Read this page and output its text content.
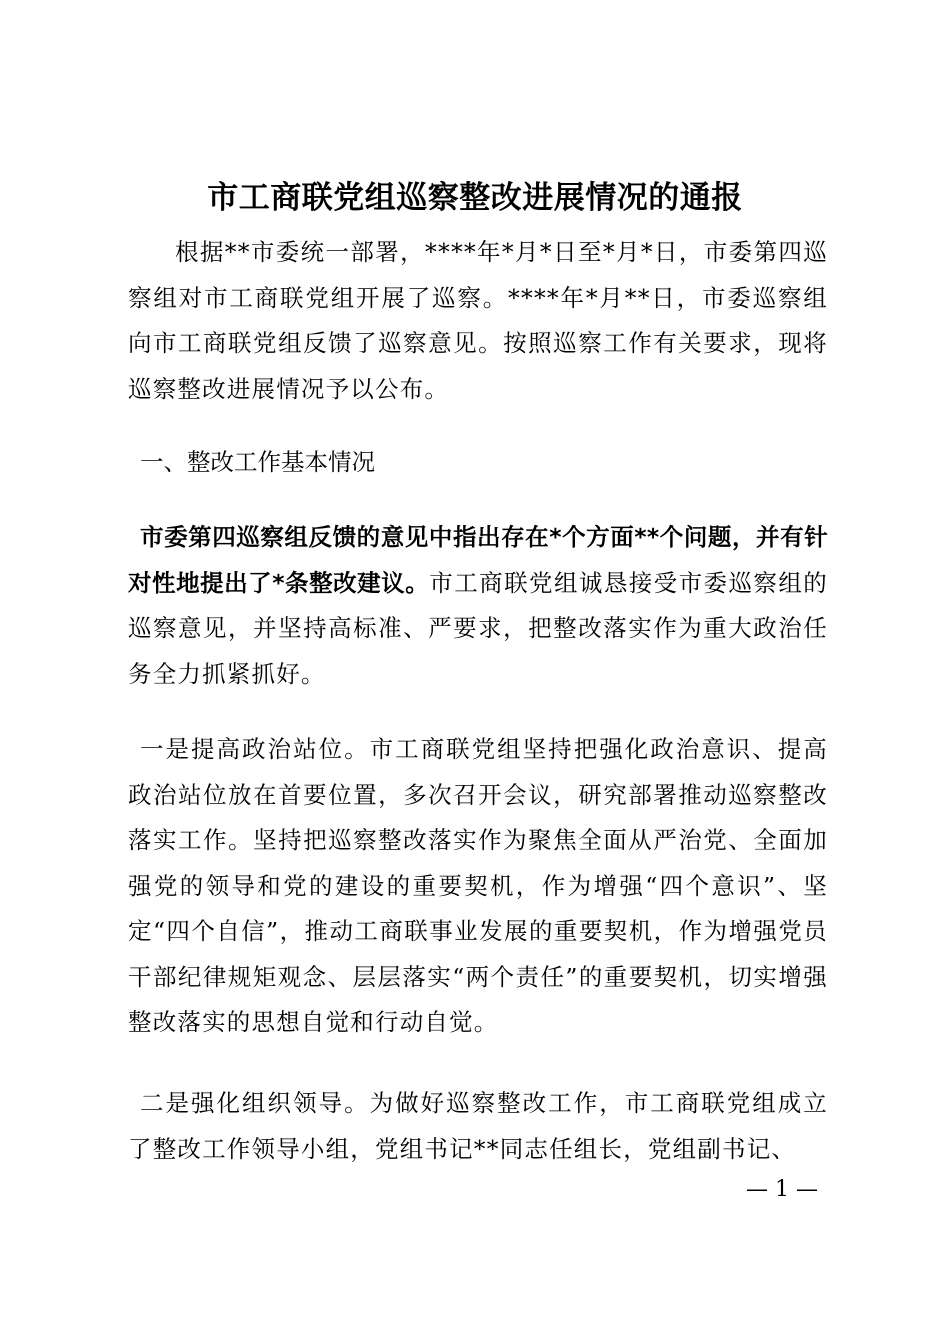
市工商联党组巡察整改进展情况的通报

根据**市委统一部署，****年*月*日至*月*日，市委第四巡察组对市工商联党组开展了巡察。****年*月**日，市委巡察组向市工商联党组反馈了巡察意见。按照巡察工作有关要求，现将巡察整改进展情况予以公布。

一、整改工作基本情况

市委第四巡察组反馈的意见中指出存在*个方面**个问题，并有针对性地提出了*条整改建议。市工商联党组诚恳接受市委巡察组的巡察意见，并坚持高标准、严要求，把整改落实作为重大政治任务全力抓紧抓好。

一是提高政治站位。市工商联党组坚持把强化政治意识、提高政治站位放在首要位置，多次召开会议，研究部署推动巡察整改落实工作。坚持把巡察整改落实作为聚焦全面从严治党、全面加强党的领导和党的建设的重要契机，作为增强“四个意识”、坚定“四个自信”，推动工商联事业发展的重要契机，作为增强党员干部纪律规矩观念、层层落实“两个责任”的重要契机，切实增强整改落实的思想自觉和行动自觉。

二是强化组织领导。为做好巡察整改工作，市工商联党组成立了整改工作领导小组，党组书记**同志任组长，党组副书记、

— 1 —
